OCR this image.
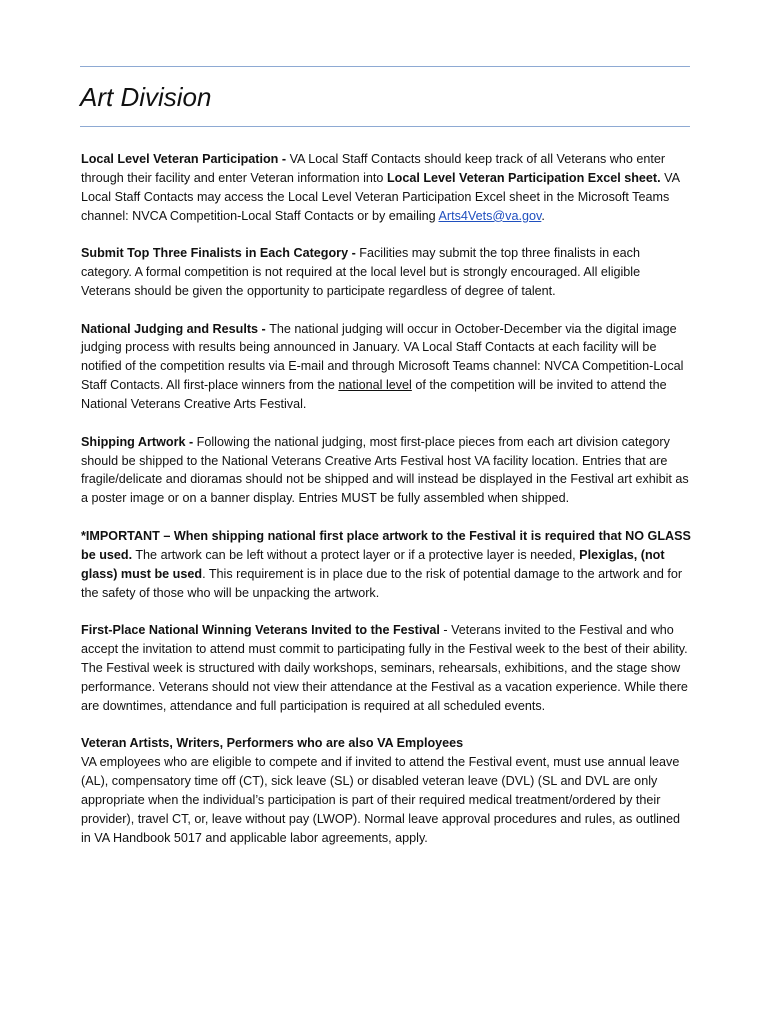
Art Division

Local Level Veteran Participation - VA Local Staff Contacts should keep track of all Veterans who enter through their facility and enter Veteran information into Local Level Veteran Participation Excel sheet. VA Local Staff Contacts may access the Local Level Veteran Participation Excel sheet in the Microsoft Teams channel: NVCA Competition-Local Staff Contacts or by emailing Arts4Vets@va.gov.

Submit Top Three Finalists in Each Category - Facilities may submit the top three finalists in each category. A formal competition is not required at the local level but is strongly encouraged. All eligible Veterans should be given the opportunity to participate regardless of degree of talent.

National Judging and Results - The national judging will occur in October-December via the digital image judging process with results being announced in January. VA Local Staff Contacts at each facility will be notified of the competition results via E-mail and through Microsoft Teams channel: NVCA Competition-Local Staff Contacts. All first-place winners from the national level of the competition will be invited to attend the National Veterans Creative Arts Festival.

Shipping Artwork - Following the national judging, most first-place pieces from each art division category should be shipped to the National Veterans Creative Arts Festival host VA facility location. Entries that are fragile/delicate and dioramas should not be shipped and will instead be displayed in the Festival art exhibit as a poster image or on a banner display. Entries MUST be fully assembled when shipped.

*IMPORTANT – When shipping national first place artwork to the Festival it is required that NO GLASS be used. The artwork can be left without a protect layer or if a protective layer is needed, Plexiglas, (not glass) must be used. This requirement is in place due to the risk of potential damage to the artwork and for the safety of those who will be unpacking the artwork.

First-Place National Winning Veterans Invited to the Festival - Veterans invited to the Festival and who accept the invitation to attend must commit to participating fully in the Festival week to the best of their ability. The Festival week is structured with daily workshops, seminars, rehearsals, exhibitions, and the stage show performance. Veterans should not view their attendance at the Festival as a vacation experience. While there are downtimes, attendance and full participation is required at all scheduled events.

Veteran Artists, Writers, Performers who are also VA Employees
VA employees who are eligible to compete and if invited to attend the Festival event, must use annual leave (AL), compensatory time off (CT), sick leave (SL) or disabled veteran leave (DVL) (SL and DVL are only appropriate when the individual’s participation is part of their required medical treatment/ordered by their provider), travel CT, or, leave without pay (LWOP). Normal leave approval procedures and rules, as outlined in VA Handbook 5017 and applicable labor agreements, apply.
